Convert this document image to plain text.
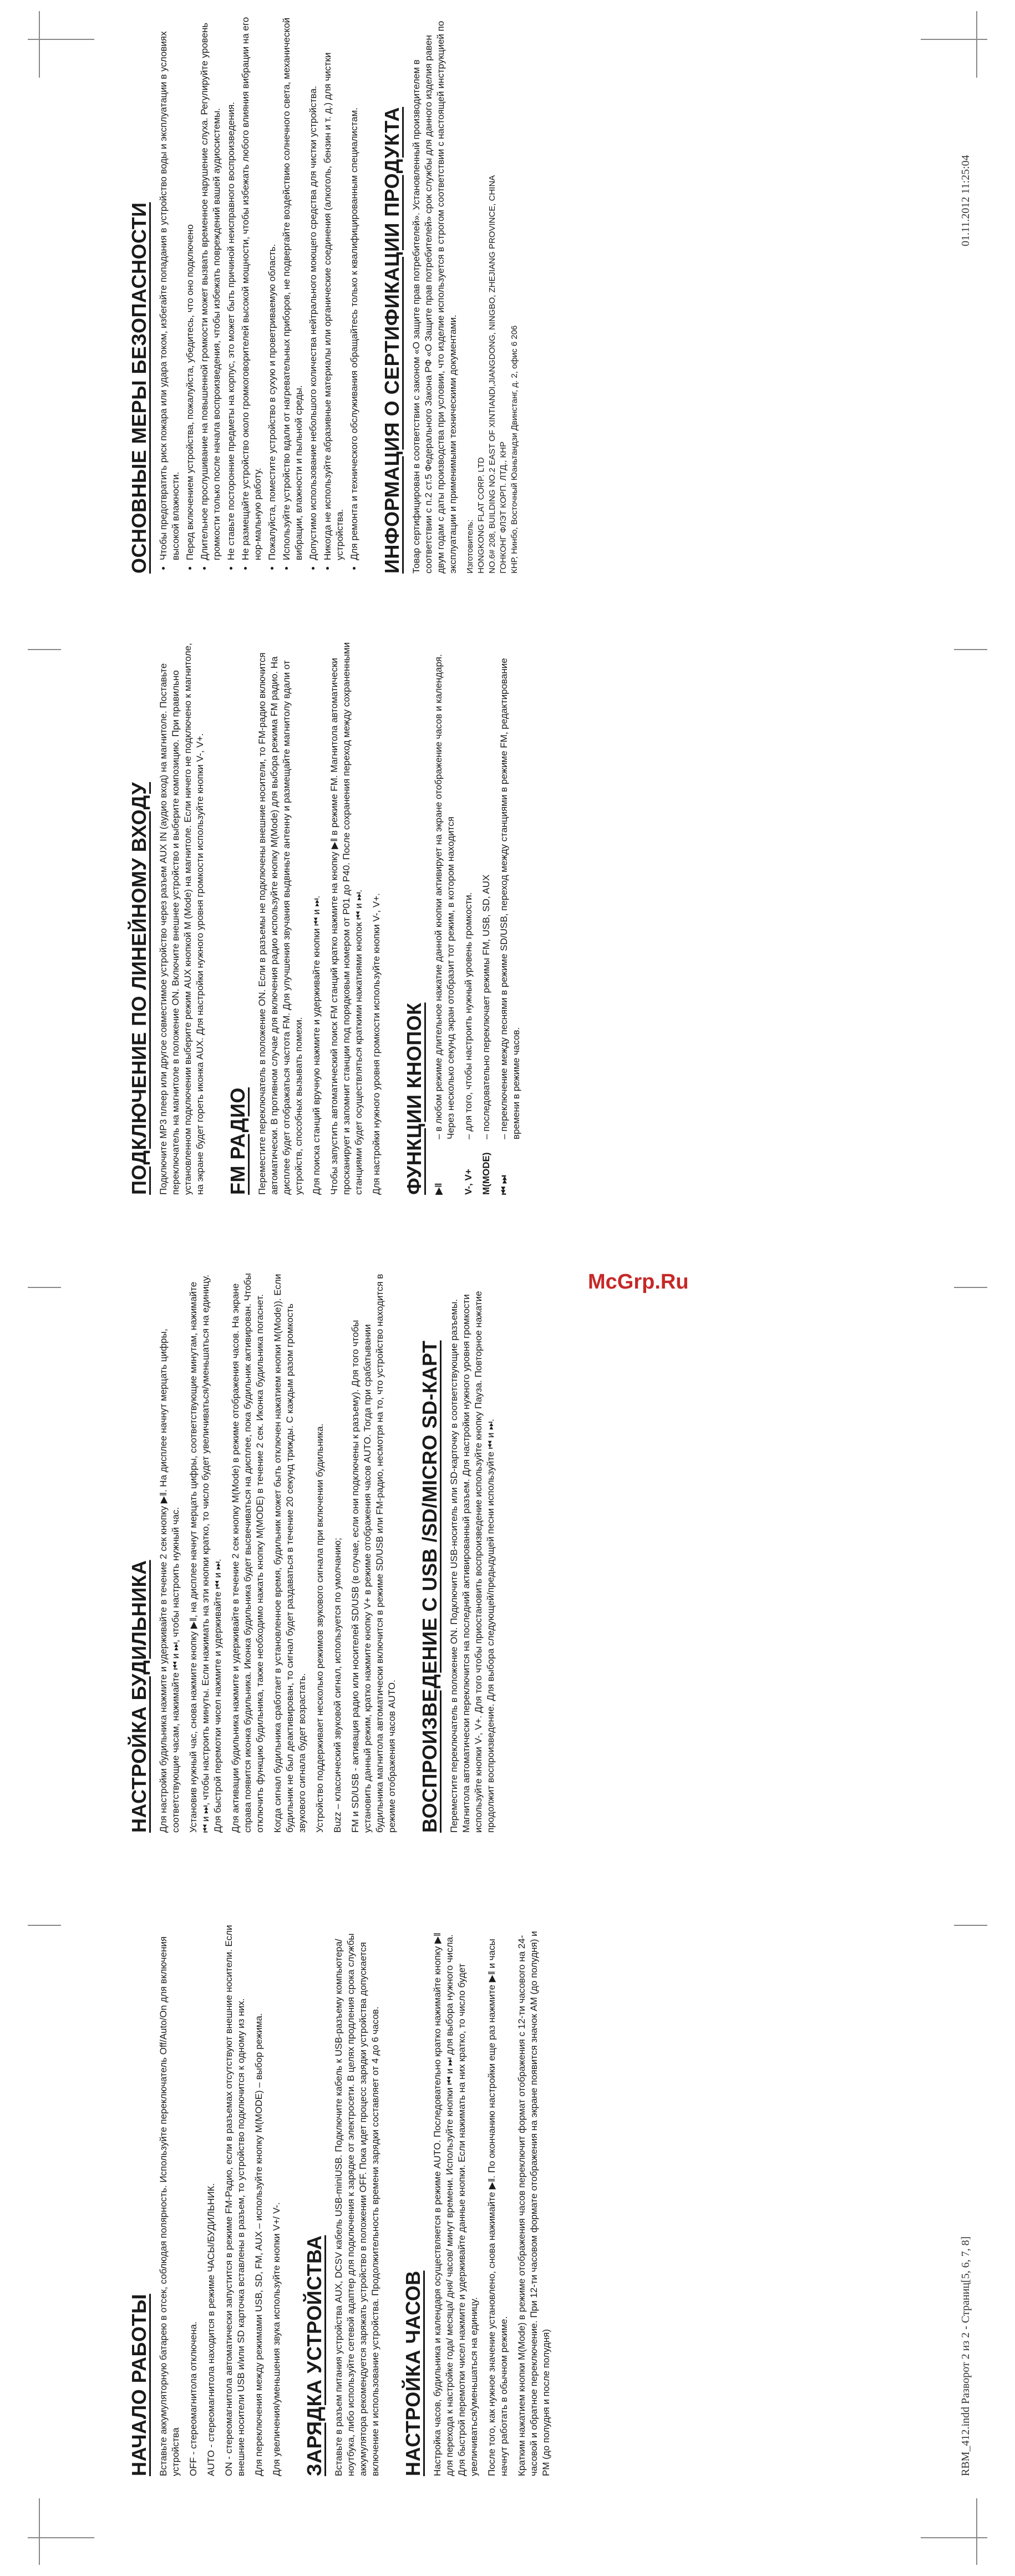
НАЧАЛО РАБОТЫ Вставьте аккумуляторную батарею в отсек, соблюдая полярность. Используйте переключатель Off/Auto/On для включения устройства OFF - стереомагнитола отключена. AUTO - стереомагнитола находится в режиме ЧАСЫ/БУДИЛЬНИК. ON - стереомагнитола автоматически запустится в режиме FM-Радио, если в разъемах отсутствуют внешние носители. Если внешние носители USB и/или SD карточка вставлены в разъем, то устройство подключится к одному из них. Для переключения между режимами USB, SD, FM, AUX – используйте кнопку M(MODE) – выбор режима. Для увеличения/уменьшения звука используйте кнопки V+/ V-. ЗАРЯДКА УСТРОЙСТВА Вставьте в разъем питания устройства AUX, DCSV кабель USB-miniUSB. Подключите кабель к USB-разъему компьютера/ноутбука, либо используйте сетевой адаптер для подключения к зарядке от электросети. В целях продления срока службы аккумулятора рекомендуется заряжать устройство в положении OFF. Пока идет процесс зарядки устройства допускается включение и использование устройства. Продолжительность времени зарядки составляет от 4 до 6 часов. НАСТРОЙКА ЧАСОВ Настройка часов, будильника и календаря осуществляется в режиме AUTO. Последовательно кратко нажимайте кнопку ▶‖ для перехода к настройке года/ месяца/ дня/ часов/ минут времени. Используйте кнопки ⏮ и ⏭ для выбора нужного числа. Для быстрой перемотки чисел нажмите и удерживайте данные кнопки. Если нажимать на них кратко, то число будет увеличиваться/уменьшаться на единицу. После того, как нужное значение установлено, снова нажимайте ▶‖. По окончанию настройки еще раз нажмите ▶‖ и часы начнут работать в обычном режиме. Кратким нажатием кнопки M(Mode) в режиме отображения часов переключит формат отображения с 12-ти часового на 24-часовой и обратное переключение. При 12-ти часовом формате отображения на экране появится значок AM (до полудня) и PM (до полудня и после полудня)

НАСТРОЙКА БУДИЛЬНИКА Для настройки будильника нажмите и удерживайте в течение 2 сек кнопку ▶‖. На дисплее начнут мерцать цифры, соответствующие часам, нажимайте ⏮ и ⏭, чтобы настроить нужный час. Установив нужный час, снова нажмите кнопку ▶‖, на дисплее начнут мерцать цифры, соответствующие минутам, нажимайте ⏮ и ⏭, чтобы настроить минуты. Если нажимать на эти кнопки кратко, то число будет увеличиваться/уменьшаться на единицу. Для быстрой перемотки чисел нажмите и удерживайте ⏮ и ⏭. Для активации будильника нажмите и удерживайте в течение 2 сек кнопку M(Mode) в режиме отображения часов. На экране справа появится иконка будильника. Иконка будильника будет высвечиваться на дисплее, пока будильник активирован. Чтобы отключить функцию будильника, также необходимо нажать кнопку M(MODE) в течение 2 сек. Иконка будильника погаснет. Когда сигнал будильника сработает в установленное время, будильник может быть отключен нажатием кнопки M(Mode)). Если будильник не был деактивирован, то сигнал будет раздаваться в течение 20 секунд трижды. С каждым разом громкость звукового сигнала будет возрастать. Устройство поддерживает несколько режимов звукового сигнала при включении будильника. Buzz – классический звуковой сигнал, используется по умолчанию; FM и SD/USB - активация радио или носителей SD/USB (в случае, если они подключены к разъему). Для того чтобы установить данный режим, кратко нажмите кнопку V+ в режиме отображения часов AUTO. Тогда при срабатывании будильника магнитола автоматически включится в режиме SD/USB или FM-радио, несмотря на то, что устройство находится в режиме отображения часов AUTO. ВОСПРОИЗВЕДЕНИЕ С USB /SD/MICRO SD-КАРТ Переместите переключатель в положение ON. Подключите USB-носитель или SD-карточку в соответствующие разъемы. Магнитола автоматически переключится на последний активированный разъем. Для настройки нужного уровня громкости используйте кнопки V-, V+. Для того чтобы приостановить воспроизведение используйте кнопку Пауза. Повторное нажатие продолжит воспроизведение. Для выбора следующей/предыдущей песни используйте ⏮ и ⏭.

ПОДКЛЮЧЕНИЕ ПО ЛИНЕЙНОМУ ВХОДУ Подключите MP3 плеер или другое совместимое устройство через разъем AUX IN (аудио вход) на магнитоле. Поставьте переключатель на магнитоле в положение ON. Включите внешнее устройство и выберите композицию. При правильно установленном подключении выберите режим AUX кнопкой M (Mode) на магнитоле. Если ничего не подключено к магнитоле, на экране будет гореть иконка AUX. Для настройки нужного уровня громкости используйте кнопки V-, V+. FM РАДИО Переместите переключатель в положение ON. Если в разъемы не подключены внешние носители, то FM-радио включится автоматически. В противном случае для включения радио используйте кнопку M(Mode) для выбора режима FM радио. На дисплее будет отображаться частота FM. Для улучшения звучания выдвиньте антенну и размещайте магнитолу вдали от устройств, способных вызывать помехи. Для поиска станций вручную нажмите и удерживайте кнопки ⏮ и ⏭. Чтобы запустить автоматический поиск FM станций кратко нажмите на кнопку ▶‖ в режиме FM. Магнитола автоматически просканирует и запомнит станции под порядковым номером от P01 до P40. После сохранения переход между сохраненными станциями будет осуществляться краткими нажатиями кнопок ⏮ и ⏭. Для настройки нужного уровня громкости используйте кнопки V-, V+. ФУНКЦИИ КНОПОК ▶‖
– в любом режиме длительное нажатие данной кнопки активирует на экране отображение часов и календаря. Через несколько секунд экран отобразит тот режим, в котором находится
V-, V+
– для того, чтобы настроить нужный уровень громкости.
M(MODE)
– последовательно переключает режимы FM, USB, SD, AUX
⏮ ⏭
– переключение между песнями в режиме SD/USB, переход между станциями в режиме FM, редактирование времени в режиме часов.
ОСНОВНЫЕ МЕРЫ БЕЗОПАСНОСТИ • Чтобы предотвратить риск пожара или удара током, избегайте попадания в устройство воды и эксплуатации в условиях высокой влажности. • Перед включением устройства, пожалуйста, убедитесь, что оно подключено • Длительное прослушивание на повышенной громкости может вызвать временное нарушение слуха. Регулируйте уровень громкости только после начала воспроизведения, чтобы избежать повреждений вашей аудиосистемы. • Не ставьте посторонние предметы на корпус, это может быть причиной неисправного воспроизведения. • Не размещайте устройство около громкоговорителей высокой мощности, чтобы избежать любого влияния вибрации на его нор-мальную работу. • Пожалуйста, поместите устройство в сухую и проветриваемую область. • Используйте устройство вдали от нагревательных приборов, не подвергайте воздействию солнечного света, механической вибрации, влажности и пыльной среды. • Допустимо использование небольшого количества нейтрального моющего средства для чистки устройства. • Никогда не используйте абразивные материалы или органические соединения (алкоголь, бензин и т. д.) для чистки устройства. • Для ремонта и технического обслуживания обращайтесь только к квалифицированным специалистам. ИНФОРМАЦИЯ О СЕРТИФИКАЦИИ ПРОДУКТА Товар сертифицирован в соответствии с законом «О защите прав потребителей». Установленный производителем в соответствии с п.2 ст.5 Федерального Закона РФ «О Защите прав потребителей» срок службы для данного изделия равен двум годам с даты производства при условии, что изделие используется в строгом соответствии с настоящей инструкцией по эксплуатации и применимыми техническими документами. Изготовитель: HONGKONG FLAT CORP. LTD NO.6# 208, BUILDING NO.2 EAST OF XINTIANDI,JIANGDONG, NINGBO, ZHEJIANG PROVINCE, CHINA ГОНКОНГ ФЛЭТ КОРП. ЛТД., КНР КНР, Нинбо, Восточный Юаньтандзи Двинстанг, д. 2, офис 6 206

RBM_412.indd Разворот 2 из 2 - Страниц[5, 6, 7, 8]
01.11.2012 11:25:04
McGrp.Ru
